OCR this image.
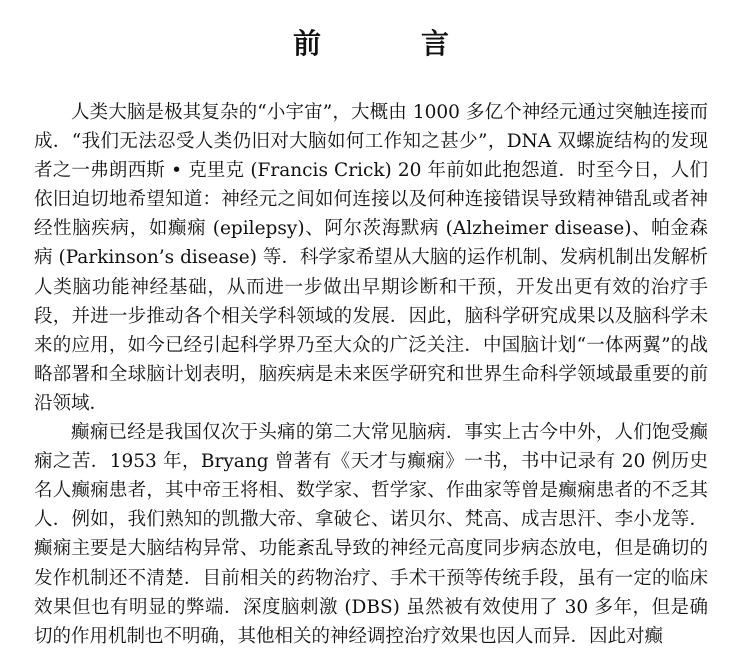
前　言

人类大脑是极其复杂的“小宇宙”，大概由 1000 多亿个神经元通过突触连接而成．“我们无法忍受人类仍旧对大脑如何工作知之甚少”，DNA 双螺旋结构的发现者之一弗朗西斯 • 克里克 (Francis Crick) 20 年前如此抱怨道．时至今日，人们依旧迫切地希望知道：神经元之间如何连接以及何种连接错误导致精神错乱或者神经性脑疾病，如癫痫 (epilepsy)、阿尔茨海默病 (Alzheimer disease)、帕金森病 (Parkinson’s disease) 等．科学家希望从大脑的运作机制、发病机制出发解析人类脑功能神经基础，从而进一步做出早期诊断和干预，开发出更有效的治疗手段，并进一步推动各个相关学科领域的发展．因此，脑科学研究成果以及脑科学未来的应用，如今已经引起科学界乃至大众的广泛关注．中国脑计划“一体两翼”的战略部署和全球脑计划表明，脑疾病是未来医学研究和世界生命科学领域最重要的前沿领域．

癫痫已经是我国仅次于头痛的第二大常见脑病．事实上古今中外，人们饱受癫痫之苦．1953 年，Bryang 曾著有《天才与癫痫》一书，书中记录有 20 例历史名人癫痫患者，其中帝王将相、数学家、哲学家、作曲家等曾是癫痫患者的不乏其人．例如，我们熟知的凯撒大帝、拿破仑、诺贝尔、梵高、成吉思汗、李小龙等．癫痫主要是大脑结构异常、功能紊乱导致的神经元高度同步病态放电，但是确切的发作机制还不清楚．目前相关的药物治疗、手术干预等传统手段，虽有一定的临床效果但也有明显的弊端．深度脑刺激 (DBS) 虽然被有效使用了 30 多年，但是确切的作用机制也不明确，其他相关的神经调控治疗效果也因人而异．因此对癫
